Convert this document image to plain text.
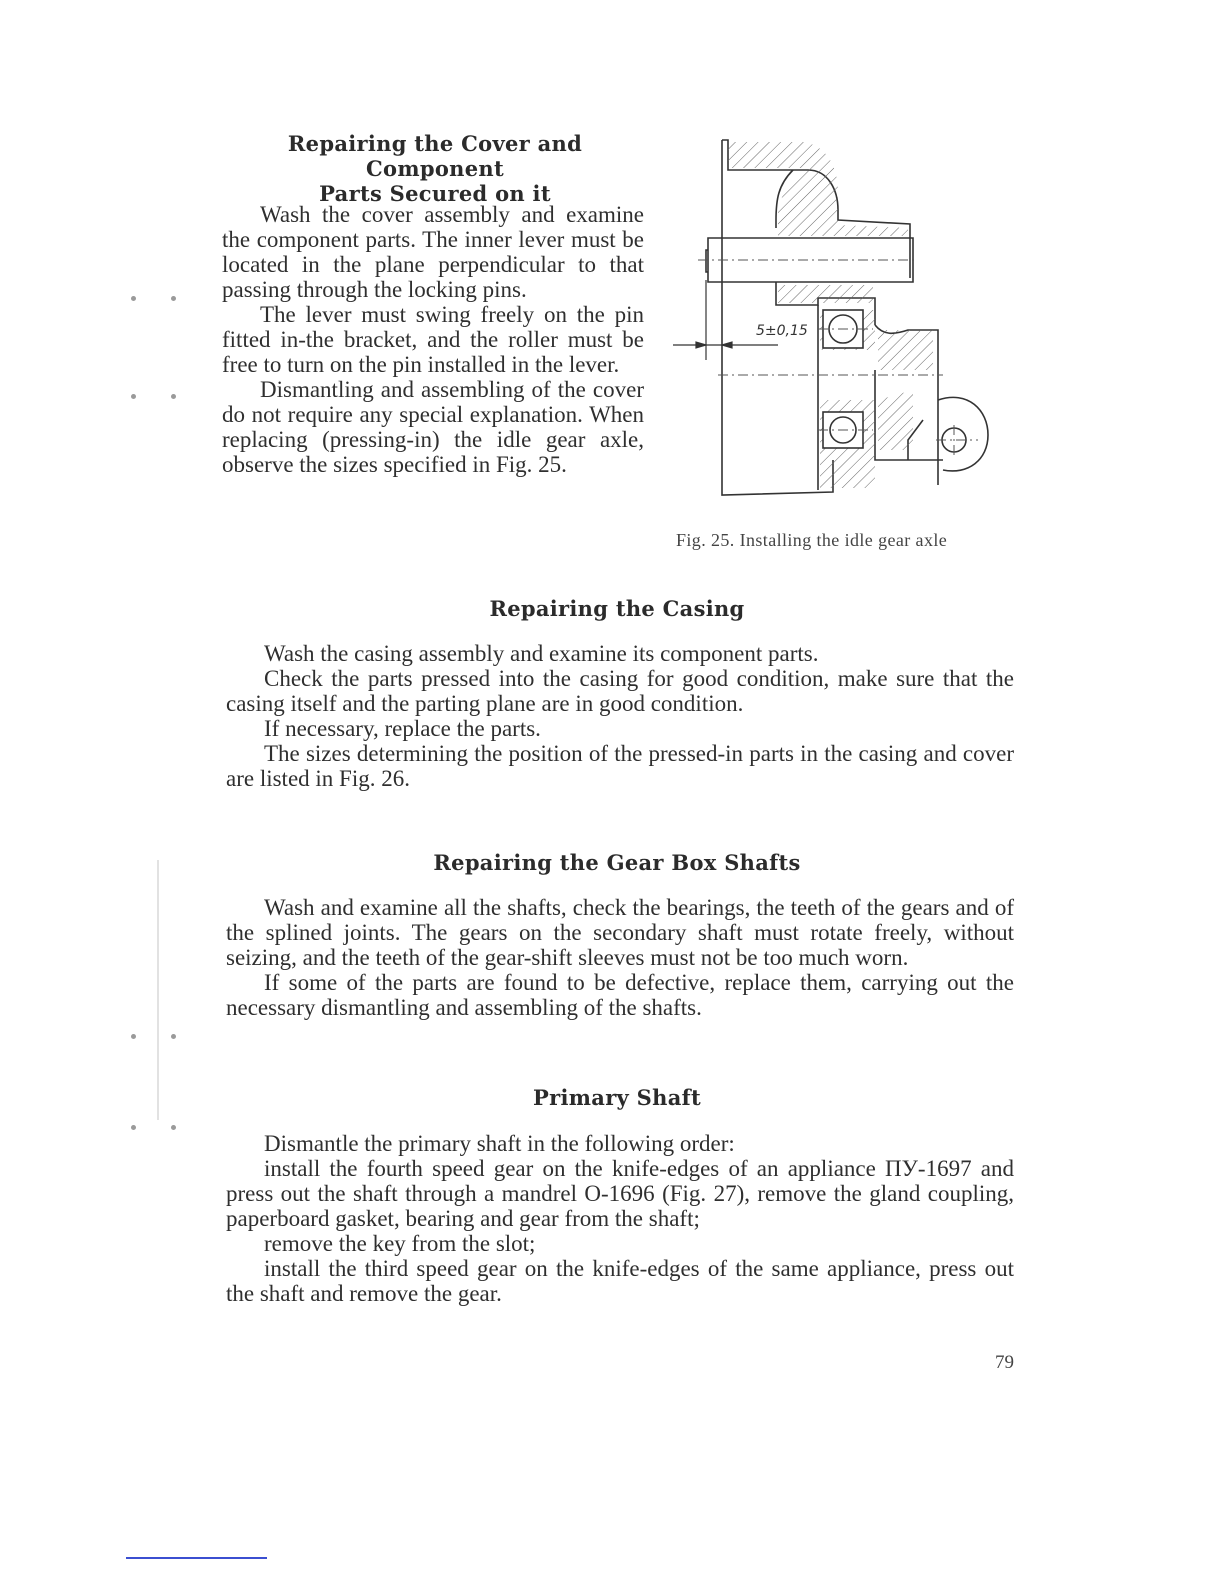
Repairing the Cover and Component
Parts Secured on it

Wash the cover assembly and examine the component parts. The inner lever must be located in the plane perpendicular to that passing through the locking pins.

The lever must swing freely on the pin fitted in-the bracket, and the roller must be free to turn on the pin installed in the lever.

Dismantling and assembling of the cover do not require any special explanation. When replacing (pressing-in) the idle gear axle, observe the sizes specified in Fig. 25.

5±0,15

Fig. 25. Installing the idle gear axle

Repairing the Casing

Wash the casing assembly and examine its component parts.

Check the parts pressed into the casing for good condition, make sure that the casing itself and the parting plane are in good condition.

If necessary, replace the parts.

The sizes determining the position of the pressed-in parts in the casing and cover are listed in Fig. 26.

Repairing the Gear Box Shafts

Wash and examine all the shafts, check the bearings, the teeth of the gears and of the splined joints. The gears on the secondary shaft must rotate freely, without seizing, and the teeth of the gear-shift sleeves must not be too much worn.

If some of the parts are found to be defective, replace them, carrying out the necessary dismantling and assembling of the shafts.

Primary Shaft

Dismantle the primary shaft in the following order:

install the fourth speed gear on the knife-edges of an appliance ПУ-1697 and press out the shaft through a mandrel O-1696 (Fig. 27), remove the gland coupling, paperboard gasket, bearing and gear from the shaft;

remove the key from the slot;

install the third speed gear on the knife-edges of the same appliance, press out the shaft and remove the gear.

79
